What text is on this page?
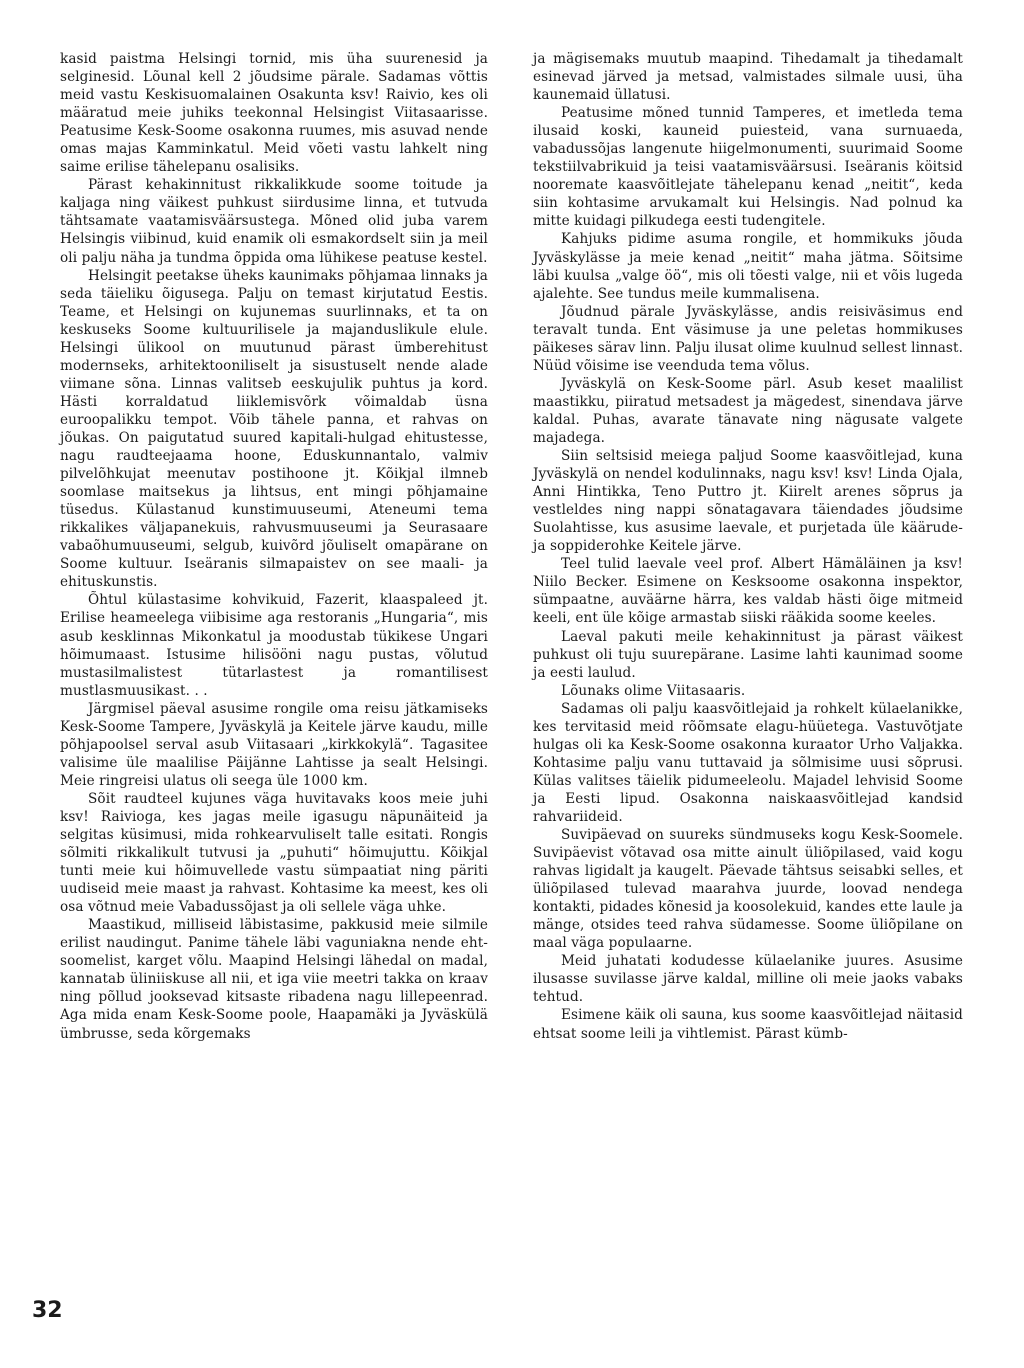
kasid paistma Helsingi tornid, mis üha suurenesid ja selginesid. Lõunal kell 2 jõudsime pärale. Sadamas võttis meid vastu Keskisuomalainen Osakunta ksv! Raivio, kes oli määratud meie juhiks teekonnal Helsingist Viitasaarisse. Peatusime Kesk-Soome osakonna ruumes, mis asuvad nende omas majas Kamminkatul. Meid võeti vastu lahkelt ning saime erilise tähelepanu osalisiks.

Pärast kehakinnitust rikkalikkude soome toitude ja kaljaga ning väikest puhkust siirdusime linna, et tutvuda tähtsamate vaatamisväärsustega. Mõned olid juba varem Helsingis viibinud, kuid enamik oli esmakordselt siin ja meil oli palju näha ja tundma õppida oma lühikese peatuse kestel.

Helsingit peetakse üheks kaunimaks põhjamaa linnaks ja seda täieliku õigusega. Palju on temast kirjutatud Eestis. Teame, et Helsingi on kujunemas suurlinnaks, et ta on keskuseks Soome kultuurilisele ja majanduslikule elule. Helsingi ülikool on muutunud pärast ümberehitust modernseks, arhitektooniliselt ja sisustuselt nende alade viimane sõna. Linnas valitseb eeskujulik puhtus ja kord. Hästi korraldatud liiklemisvõrk võimaldab üsna euroopalikku tempot. Võib tähele panna, et rahvas on jõukas. On paigutatud suured kapitali-hulgad ehitustesse, nagu raudteejaama hoone, Eduskunnantalo, valmiv pilvelõhkujat meenutav postihoone jt. Kõikjal ilmneb soomlase maitsekus ja lihtsus, ent mingi põhjamaine tüsedus. Külastanud kunstimuuseumi, Ateneumi tema rikkalikes väljapanekuis, rahvusmuuseumi ja Seurasaare vabaõhumuuseumi, selgub, kuivõrd jõuliselt omapärane on Soome kultuur. Iseäranis silmapaistev on see maali- ja ehituskunstis.

Õhtul külastasime kohvikuid, Fazerit, klaaspaleed jt. Erilise heameelega viibisime aga restoranis „Hungaria“, mis asub kesklinnas Mikonkatul ja moodustab tükikese Ungari hõimumaast. Istusime hilisööni nagu pustas, võlutud mustasilmalistest tütarlastest ja romantilisest mustlasmuusikast. . .

Järgmisel päeval asusime rongile oma reisu jätkamiseks Kesk-Soome Tampere, Jyväskylä ja Keitele järve kaudu, mille põhjapoolsel serval asub Viitasaari „kirkkokylä“. Tagasitee valisime üle maalilise Päijänne Lahtisse ja sealt Helsingi. Meie ringreisi ulatus oli seega üle 1000 km.

Sõit raudteel kujunes väga huvitavaks koos meie juhi ksv! Raiviogа, kes jagas meile igasugu näpunäiteid ja selgitas küsimusi, mida rohkearvuliselt talle esitati. Rongis sõlmiti rikkalikult tutvusi ja „puhuti“ hõimujuttu. Kõikjal tunti meie kui hõimuvellede vastu sümpaatiat ning päriti uudiseid meie maast ja rahvast. Kohtasime ka meest, kes oli osa võtnud meie Vabadussõjast ja oli sellele väga uhke.

Maastikud, milliseid läbistasime, pakkusid meie silmile erilist naudingut. Panime tähele läbi vaguniakna nende eht-soomelist, karget võlu. Maapind Helsingi lähedal on madal, kannatab üliniiskuse all nii, et iga viie meetri takka on kraav ning põllud jooksevad kitsaste ribadena nagu lillepeenrad. Aga mida enam Kesk-Soome poole, Haapamäki ja Jyväskülä ümbrusse, seda kõrgemaks

ja mägisemaks muutub maapind. Tihedamalt ja tihedamalt esinevad järved ja metsad, valmistades silmale uusi, üha kaunemaid üllatusi.

Peatusime mõned tunnid Tamperes, et imetleda tema ilusaid koski, kauneid puiesteid, vana surnuaeda, vabadussõjas langenute hiigelmonumenti, suurimaid Soome tekstiilvabrikuid ja teisi vaatamisväärsusi. Iseäranis köitsid noorematе kaasvõitlejate tähelepanu kenad „neitit“, keda siin kohtasime arvukamalt kui Helsingis. Nad polnud ka mitte kuidagi pilkudega eesti tudengitele.

Kahjuks pidime asuma rongile, et hommikuks jõuda Jyväskylässe ja meie kenad „neitit“ maha jätma. Sõitsime läbi kuulsa „valge öö“, mis oli tõesti valge, nii et võis lugeda ajalehte. See tundus meile kummalisena.

Jõudnud pärale Jyväskylässe, andis reisiväsimus end teravalt tunda. Ent väsimuse ja une peletas hommikuses päikeses särav linn. Palju ilusat olime kuulnud sellest linnast. Nüüd võisime ise veenduda tema võlus.

Jyväskylä on Kesk-Soome pärl. Asub keset maalilist maastikku, piiratud metsadest ja mägedest, sinendava järve kaldal. Puhas, avarate tänavate ning nägusate valgete majadega.

Siin seltsisid meiega paljud Soome kaasvõitlejad, kuna Jyväskylä on nendel kodulinnaks, nagu ksv! ksv! Linda Ojala, Anni Hintikka, Teno Puttro jt. Kiirelt arenes sõprus ja vestleldes ning nappi sõnatagavara täiendades jõudsime Suolahtisse, kus asusime laevale, et purjetada üle käärude- ja soppiderohke Keitele järve.

Teel tulid laevale veel prof. Albert Hämäläinen ja ksv! Niilo Becker. Esimene on Kesksoome osakonna inspektor, sümpaatne, auväärne härra, kes valdab hästi õige mitmeid keeli, ent üle kõige armastab siiski rääkida soome keeles.

Laeval pakuti meile kehakinnitust ja pärast väikest puhkust oli tuju suurepärane. Lasime lahti kaunimad soome ja eesti laulud.

Lõunaks olime Viitasaaris.

Sadamas oli palju kaasvõitlejaid ja rohkelt külaelanikke, kes tervitasid meid rõõmsate elagu-hüüetega. Vastuvõtjate hulgas oli ka Kesk-Soome osakonna kuraator Urho Valjakka. Kohtasime palju vanu tuttavaid ja sõlmisime uusi sõprusi. Külas valitses täielik pidumeeleolu. Majadel lehvisid Soome ja Eesti lipud. Osakonna naiskaasvõitlejad kandsid rahvariideid.

Suvipäevad on suureks sündmuseks kogu Kesk-Soomele. Suvipäevist võtavad osa mitte ainult üliõpilased, vaid kogu rahvas ligidalt ja kaugelt. Päevade tähtsus seisabki selles, et üliõpilased tulevad maarahva juurde, loovad nendega kontakti, pidades kõnesid ja koosolekuid, kandes ette laule ja mänge, otsides teed rahva südamesse. Soome üliõpilane on maal väga populaarne.

Meid juhatati kodudesse külaelanike juures. Asusime ilusasse suvilasse järve kaldal, milline oli meie jaoks vabaks tehtud.

Esimene käik oli sauna, kus soome kaasvõitlejad näitasid ehtsat soome leili ja vihtlemist. Pärast kümb-

32
